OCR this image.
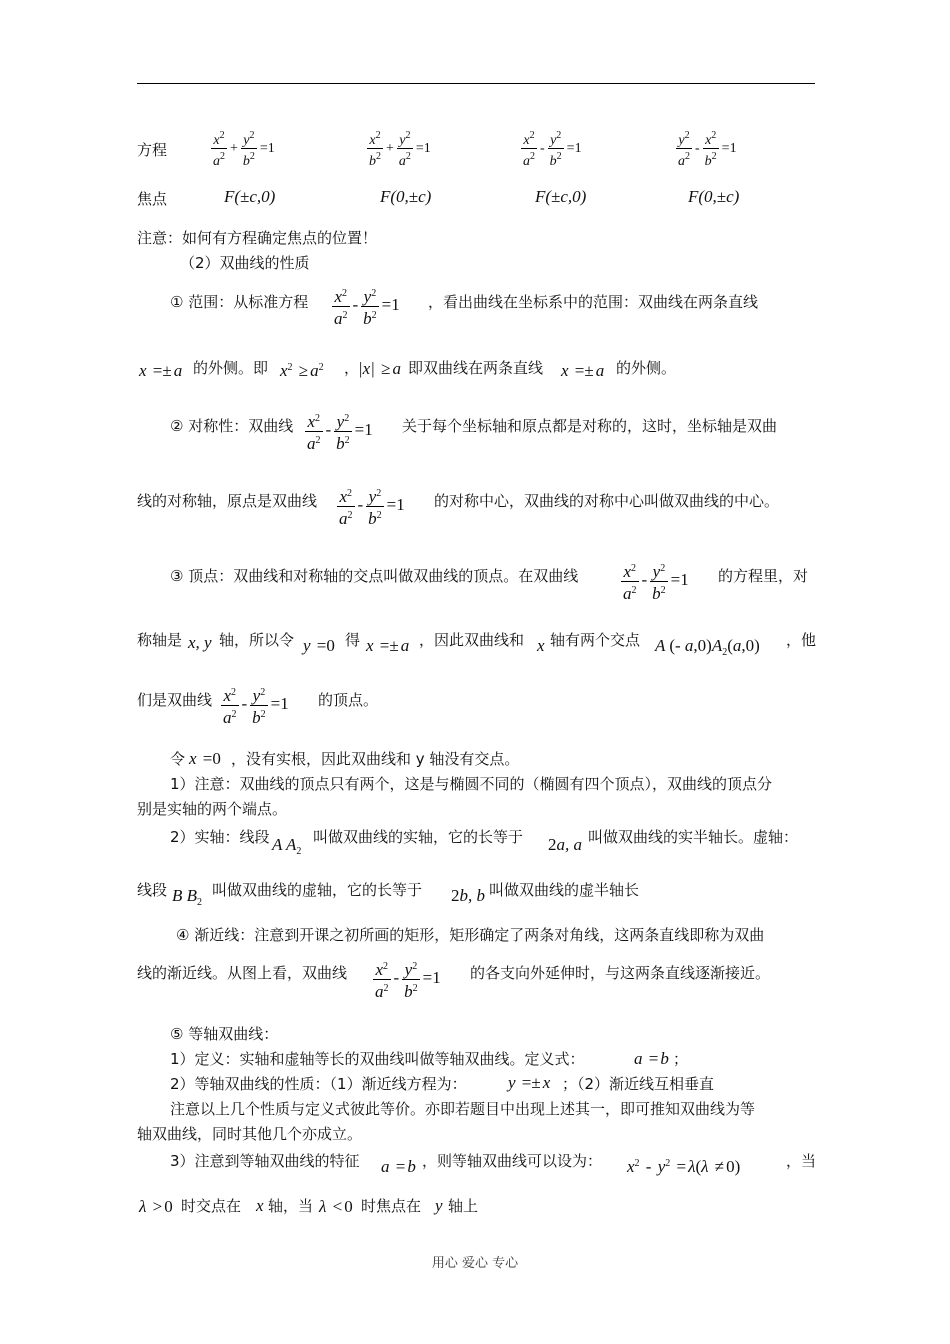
方程	$\frac{x^2}{a^2} + \frac{y^2}{b^2} =1$	$\frac{x^2}{b^2} + \frac{y^2}{a^2} =1$	$\frac{x^2}{a^2} - \frac{y^2}{b^2} =1$	$\frac{y^2}{a^2} - \frac{x^2}{b^2} =1$
焦点	F(±c,0)	F(0,±c)	F(±c,0)	F(0,±c)
注意：如何有方程确定焦点的位置！
（2）双曲线的性质
① 范围：从标准方程 $\frac{x^2}{a^2} - \frac{y^2}{b^2} =1$ ，看出曲线在坐标系中的范围：双曲线在两条直线
x =± a 的外侧。即 $x^2 \ge a^2$ ，
|x| ≥ a 即双曲线在两条直线 x =± a 的外侧。
② 对称性：双曲线 $\frac{x^2}{a^2} - \frac{y^2}{b^2} =1$ 关于每个坐标轴和原点都是对称的，这时，坐标轴是双曲
线的对称轴，原点是双曲线 $\frac{x^2}{a^2} - \frac{y^2}{b^2} =1$ 的对称中心，双曲线的对称中心叫做双曲线的中心。
③ 顶点：双曲线和对称轴的交点叫做双曲线的顶点。在双曲线	$\frac{x^2}{a^2} - \frac{y^2}{b^2} =1$ 的方程里，对
称轴是 x, y 轴，所以令 y =0 得 x =± a ，因此双曲线和 x 轴有两个交点 A (- $a,0)A_2(a,0)$ ，他
们是双曲线 $\frac{x^2}{a^2} - \frac{y^2}{b^2} =1$ 的顶点。
令 x =0 ，没有实根，因此双曲线和 y 轴没有交点。
1）注意：双曲线的顶点只有两个，这是与椭圆不同的（椭圆有四个顶点），双曲线的顶点分
别是实轴的两个端点。
2）实轴：线段 A $A_2$
叫做双曲线的实轴，它的长等于 2a, a 叫做双曲线的实半轴长。虚轴：
线段 B $B_2$
叫做双曲线的虚轴，它的长等于 2b, b 叫做双曲线的虚半轴长
④ 渐近线：注意到开课之初所画的矩形，矩形确定了两条对角线，这两条直线即称为双曲
线的渐近线。从图上看，双曲线 $\frac{x^2}{a^2} - \frac{y^2}{b^2} =1$ 的各支向外延伸时，与这两条直线逐渐接近。
⑤ 等轴双曲线：
1）定义：实轴和虚轴等长的双曲线叫做等轴双曲线。定义式：	a = b ；
2）等轴双曲线的性质：（1）渐近线方程为： y =± x ；（2）渐近线互相垂直
注意以上几个性质与定义式彼此等价。亦即若题目中出现上述其一，即可推知双曲线为等
轴双曲线，同时其他几个亦成立。
3）注意到等轴双曲线的特征 a = b ，则等轴双曲线可以设为： $x^2 - y^2 = \lambda(\lambda \ne 0)$	，当
λ > 0 时交点在 x 轴，当 λ < 0 时焦点在 y 轴上
用心 爱心 专心
